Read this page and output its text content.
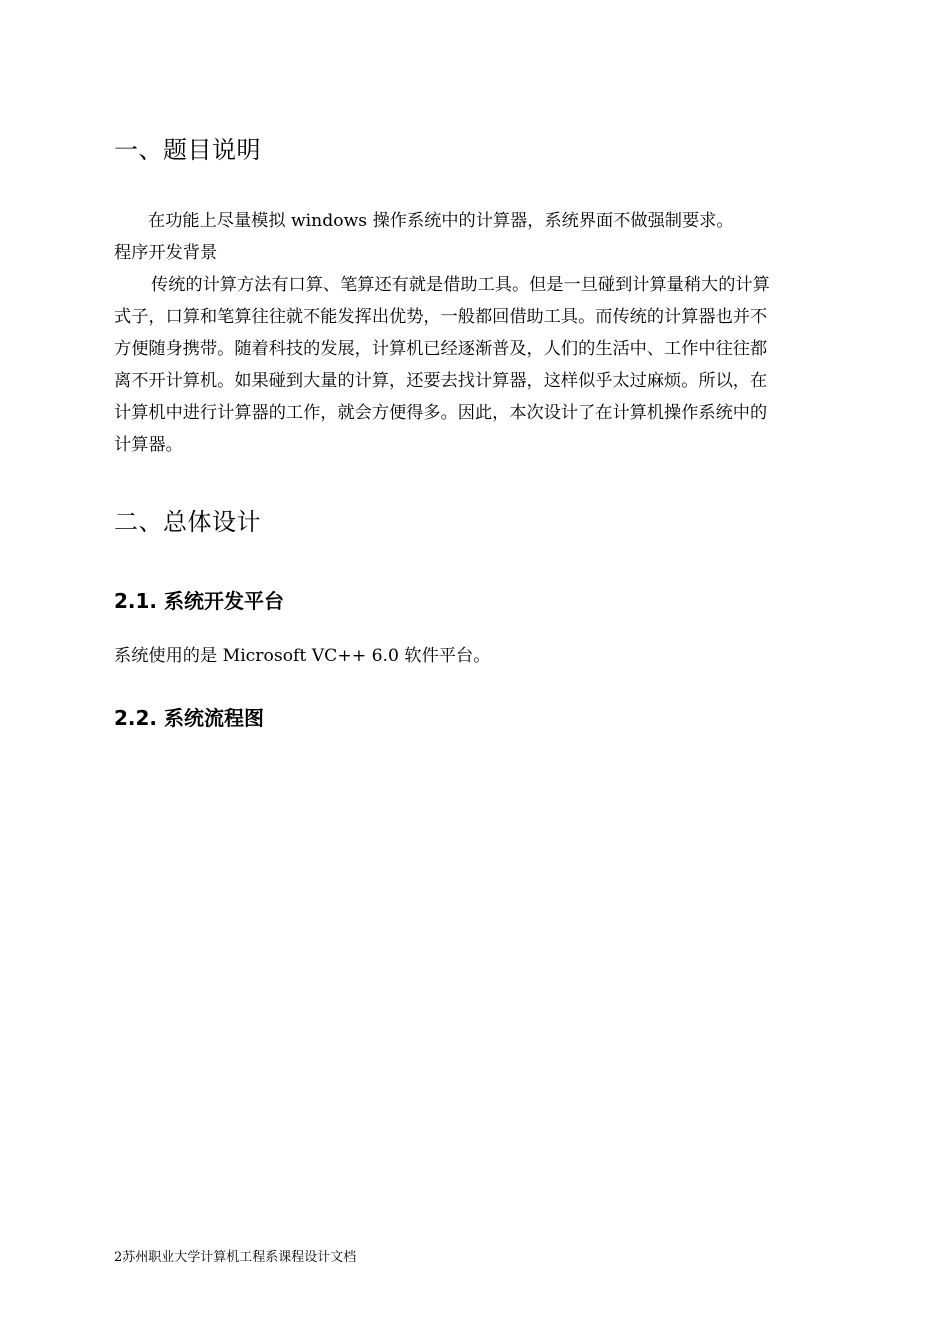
一、题目说明
在功能上尽量模拟 windows 操作系统中的计算器，系统界面不做强制要求。
程序开发背景
传统的计算方法有口算、笔算还有就是借助工具。但是一旦碰到计算量稍大的计算
式子，口算和笔算往往就不能发挥出优势，一般都回借助工具。而传统的计算器也并不
方便随身携带。随着科技的发展，计算机已经逐渐普及，人们的生活中、工作中往往都
离不开计算机。如果碰到大量的计算，还要去找计算器，这样似乎太过麻烦。所以，在
计算机中进行计算器的工作，就会方便得多。因此，本次设计了在计算机操作系统中的
计算器。
二、总体设计
2.1. 系统开发平台
系统使用的是 Microsoft VC++ 6.0 软件平台。
2.2. 系统流程图
2苏州职业大学计算机工程系课程设计文档
